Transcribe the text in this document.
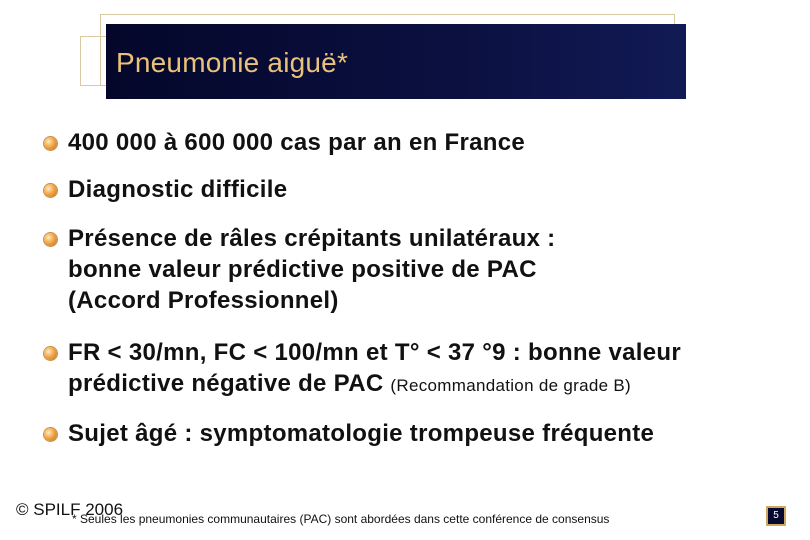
Pneumonie aiguë*
400 000 à 600 000 cas par an en France
Diagnostic difficile
Présence de râles crépitants unilatéraux :
bonne valeur prédictive positive de PAC
(Accord Professionnel)
FR < 30/mn, FC < 100/mn et T° < 37 °9 : bonne valeur
prédictive négative de PAC (Recommandation de grade B)
Sujet âgé : symptomatologie trompeuse fréquente
© SPILF 2006
* Seules les pneumonies communautaires (PAC) sont abordées dans cette conférence de consensus	5
